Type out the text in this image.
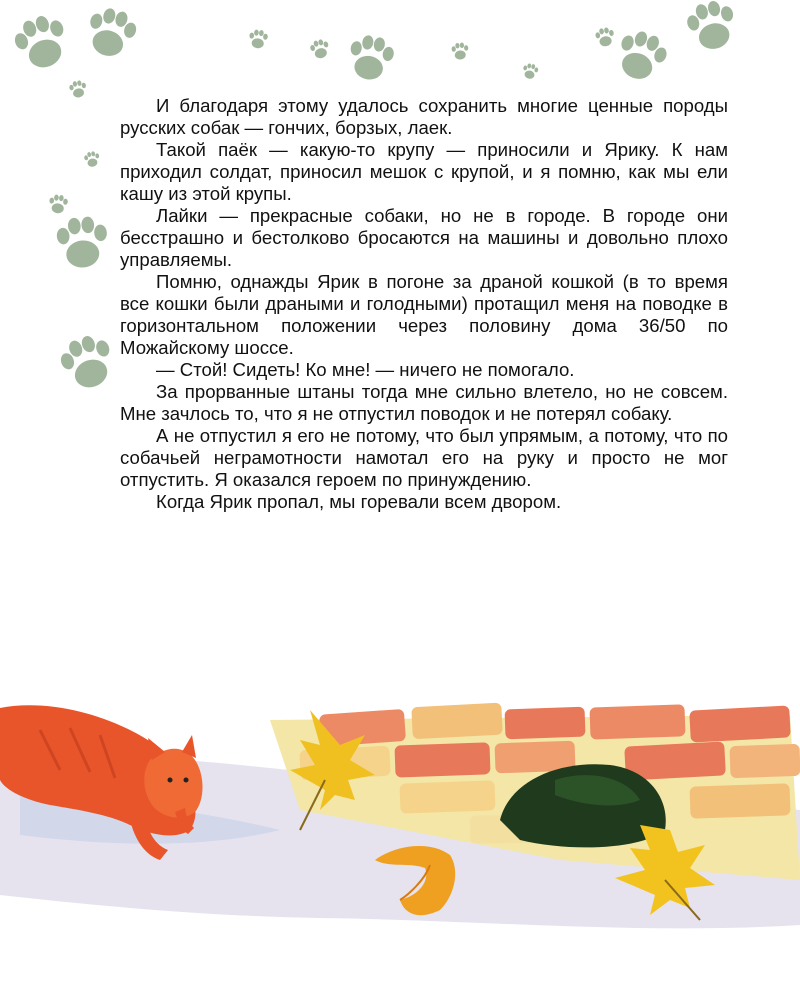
И благодаря этому удалось сохранить многие ценные породы русских собак — гончих, борзых, лаек.

Такой паёк — какую-то крупу — приносили и Ярику. К нам приходил солдат, приносил мешок с крупой, и я помню, как мы ели кашу из этой крупы.

Лайки — прекрасные собаки, но не в городе. В городе они бесстрашно и бестолково бросаются на машины и довольно плохо управляемы.

Помню, однажды Ярик в погоне за драной кошкой (в то время все кошки были драными и голодными) протащил меня на поводке в горизонтальном положении через половину дома 36/50 по Можайскому шоссе.

— Стой! Сидеть! Ко мне! — ничего не помогало.

За прорванные штаны тогда мне сильно влетело, но не совсем. Мне зачлось то, что я не отпустил поводок и не потерял собаку.

А не отпустил я его не потому, что был упрямым, а потому, что по собачьей неграмотности намотал его на руку и просто не мог отпустить. Я оказался героем по принуждению.

Когда Ярик пропал, мы горевали всем двором.
